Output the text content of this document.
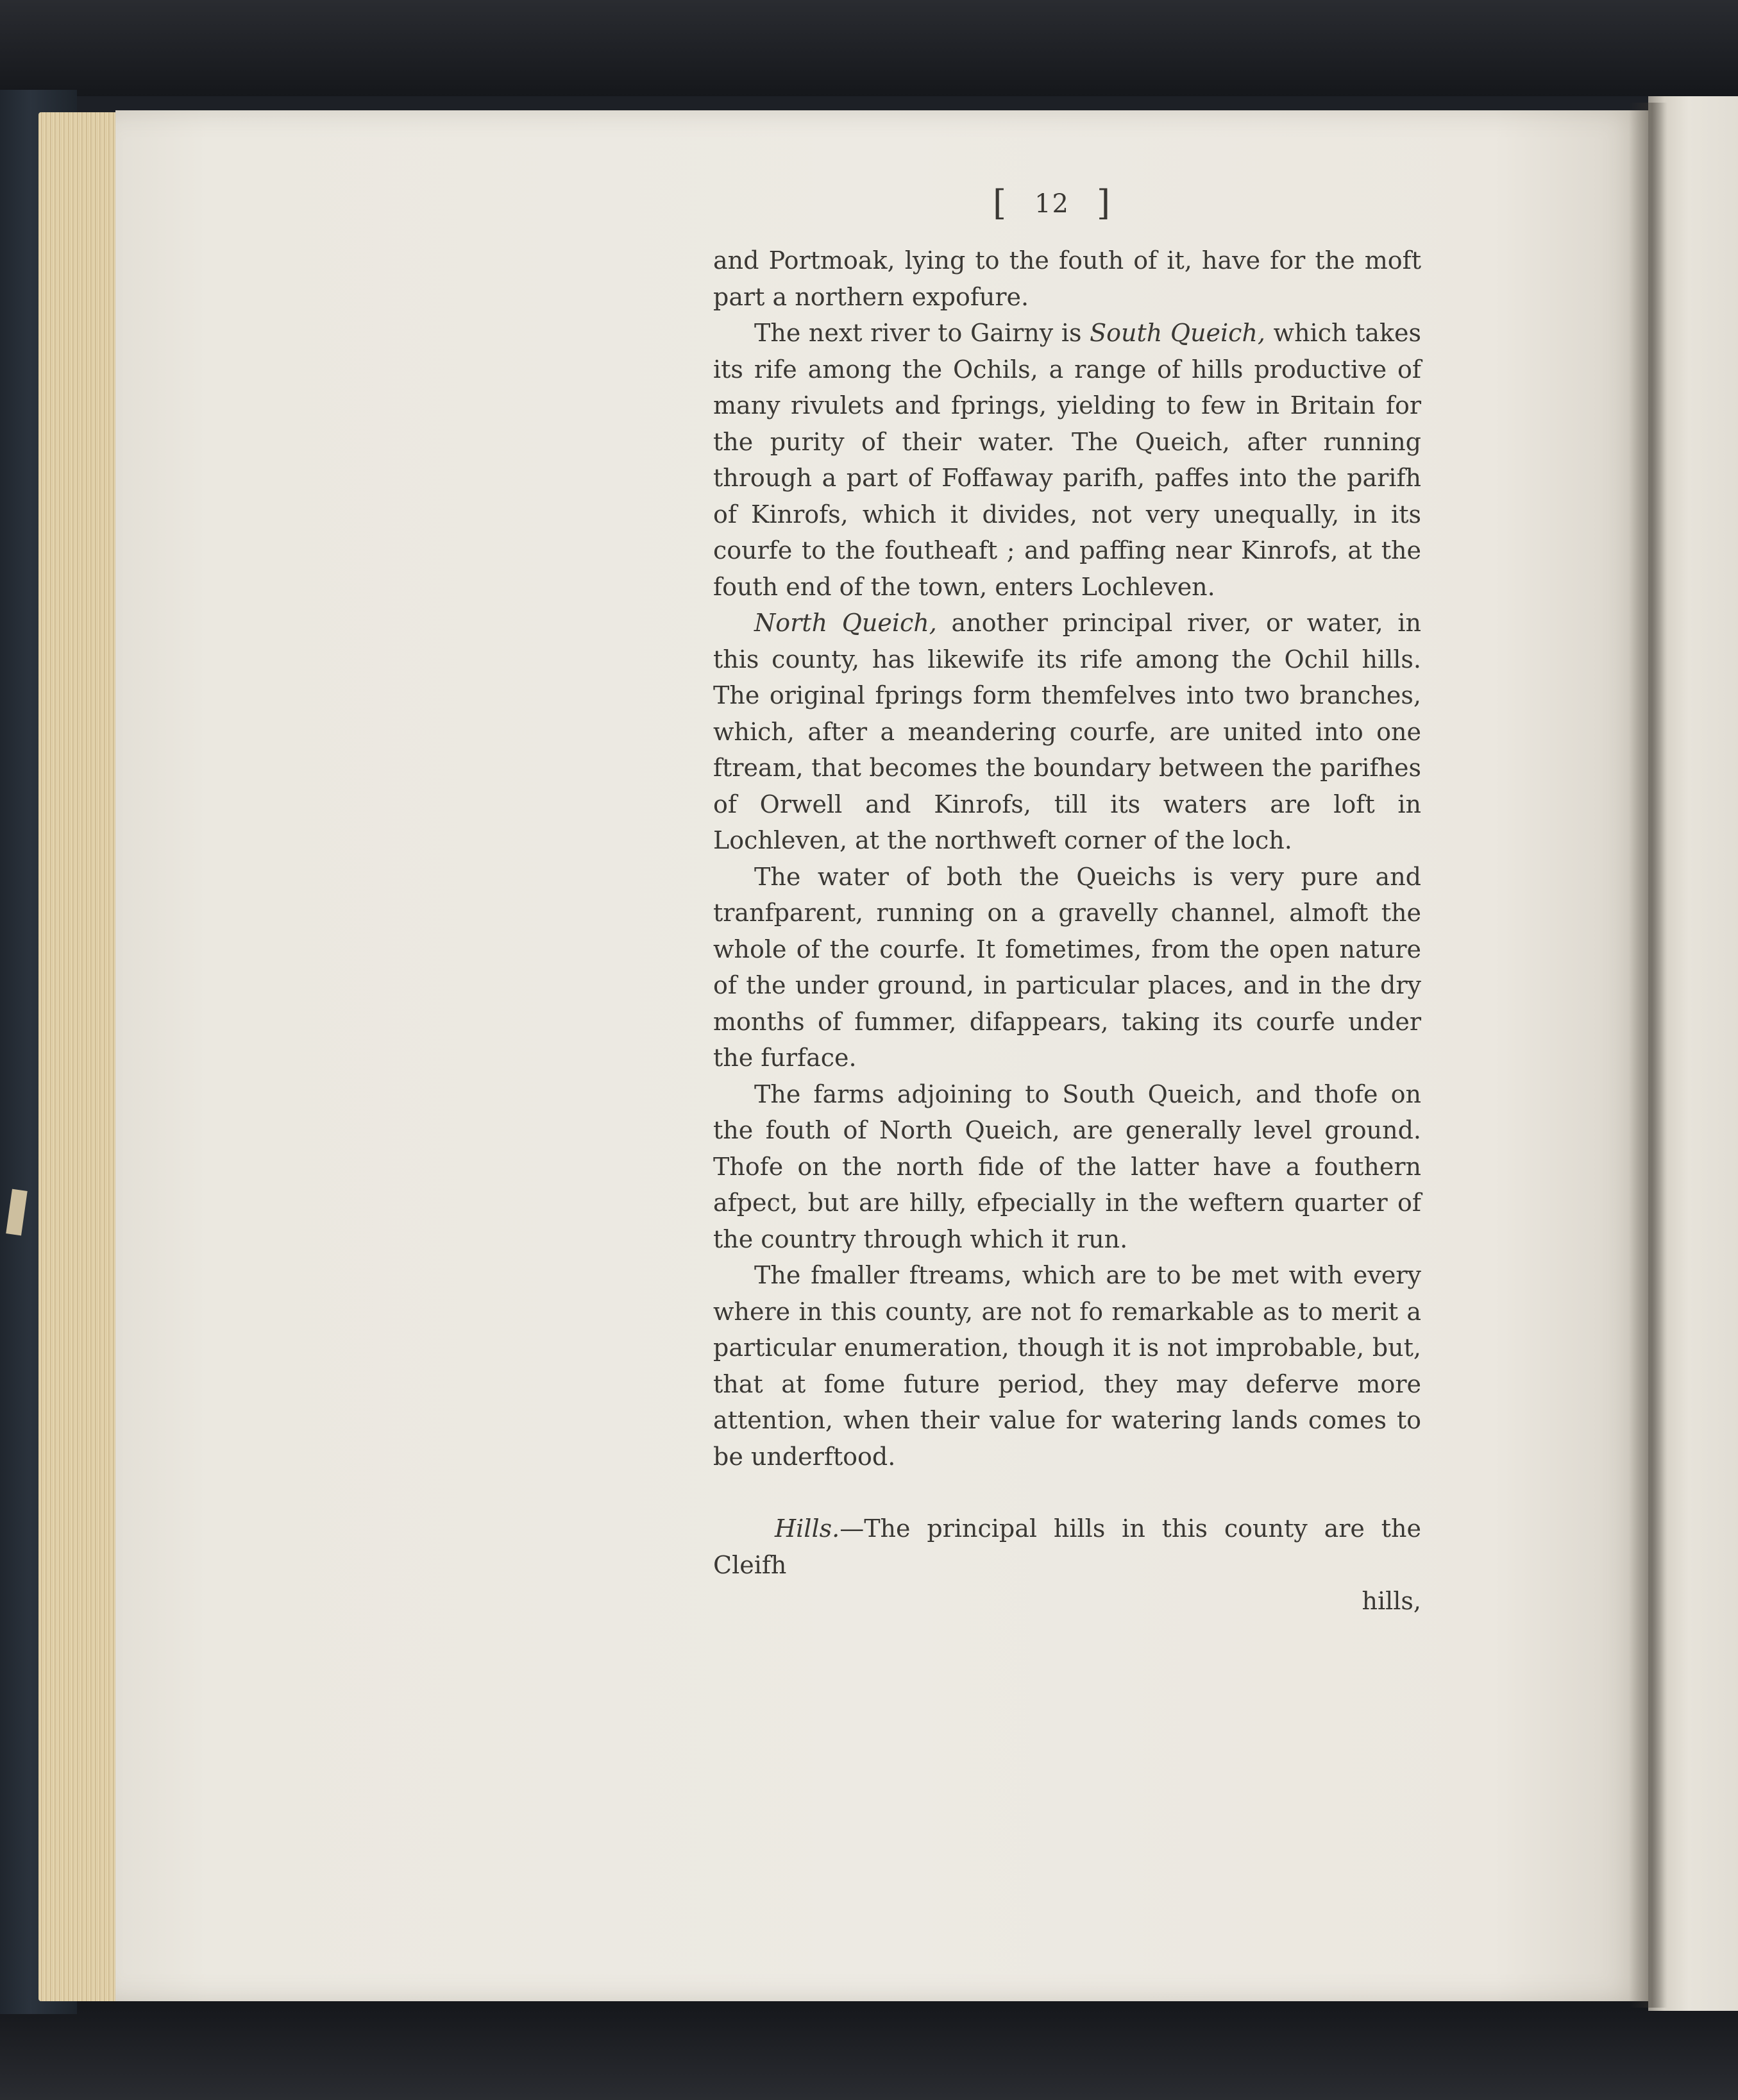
[ 12 ]

and Portmoak, lying to the fouth of it, have for the moft part a northern expofure.

The next river to Gairny is South Queich, which takes its rife among the Ochils, a range of hills productive of many rivulets and fprings, yielding to few in Britain for the purity of their water. The Queich, after running through a part of Foffaway parifh, paffes into the parifh of Kinrofs, which it divides, not very unequally, in its courfe to the foutheaft ; and paffing near Kinrofs, at the fouth end of the town, enters Lochleven.

North Queich, another principal river, or water, in this county, has likewife its rife among the Ochil hills. The original fprings form themfelves into two branches, which, after a meandering courfe, are united into one ftream, that becomes the boundary between the parifhes of Orwell and Kinrofs, till its waters are loft in Lochleven, at the northweft corner of the loch.

The water of both the Queichs is very pure and tranfparent, running on a gravelly channel, almoft the whole of the courfe. It fometimes, from the open nature of the under ground, in particular places, and in the dry months of fummer, difappears, taking its courfe under the furface.

The farms adjoining to South Queich, and thofe on the fouth of North Queich, are generally level ground. Thofe on the north fide of the latter have a fouthern afpect, but are hilly, efpecially in the weftern quarter of the country through which it run.

The fmaller ftreams, which are to be met with every where in this county, are not fo remarkable as to merit a particular enumeration, though it is not improbable, but, that at fome future period, they may deferve more attention, when their value for watering lands comes to be underftood.

Hills.—The principal hills in this county are the Cleifh

hills,
